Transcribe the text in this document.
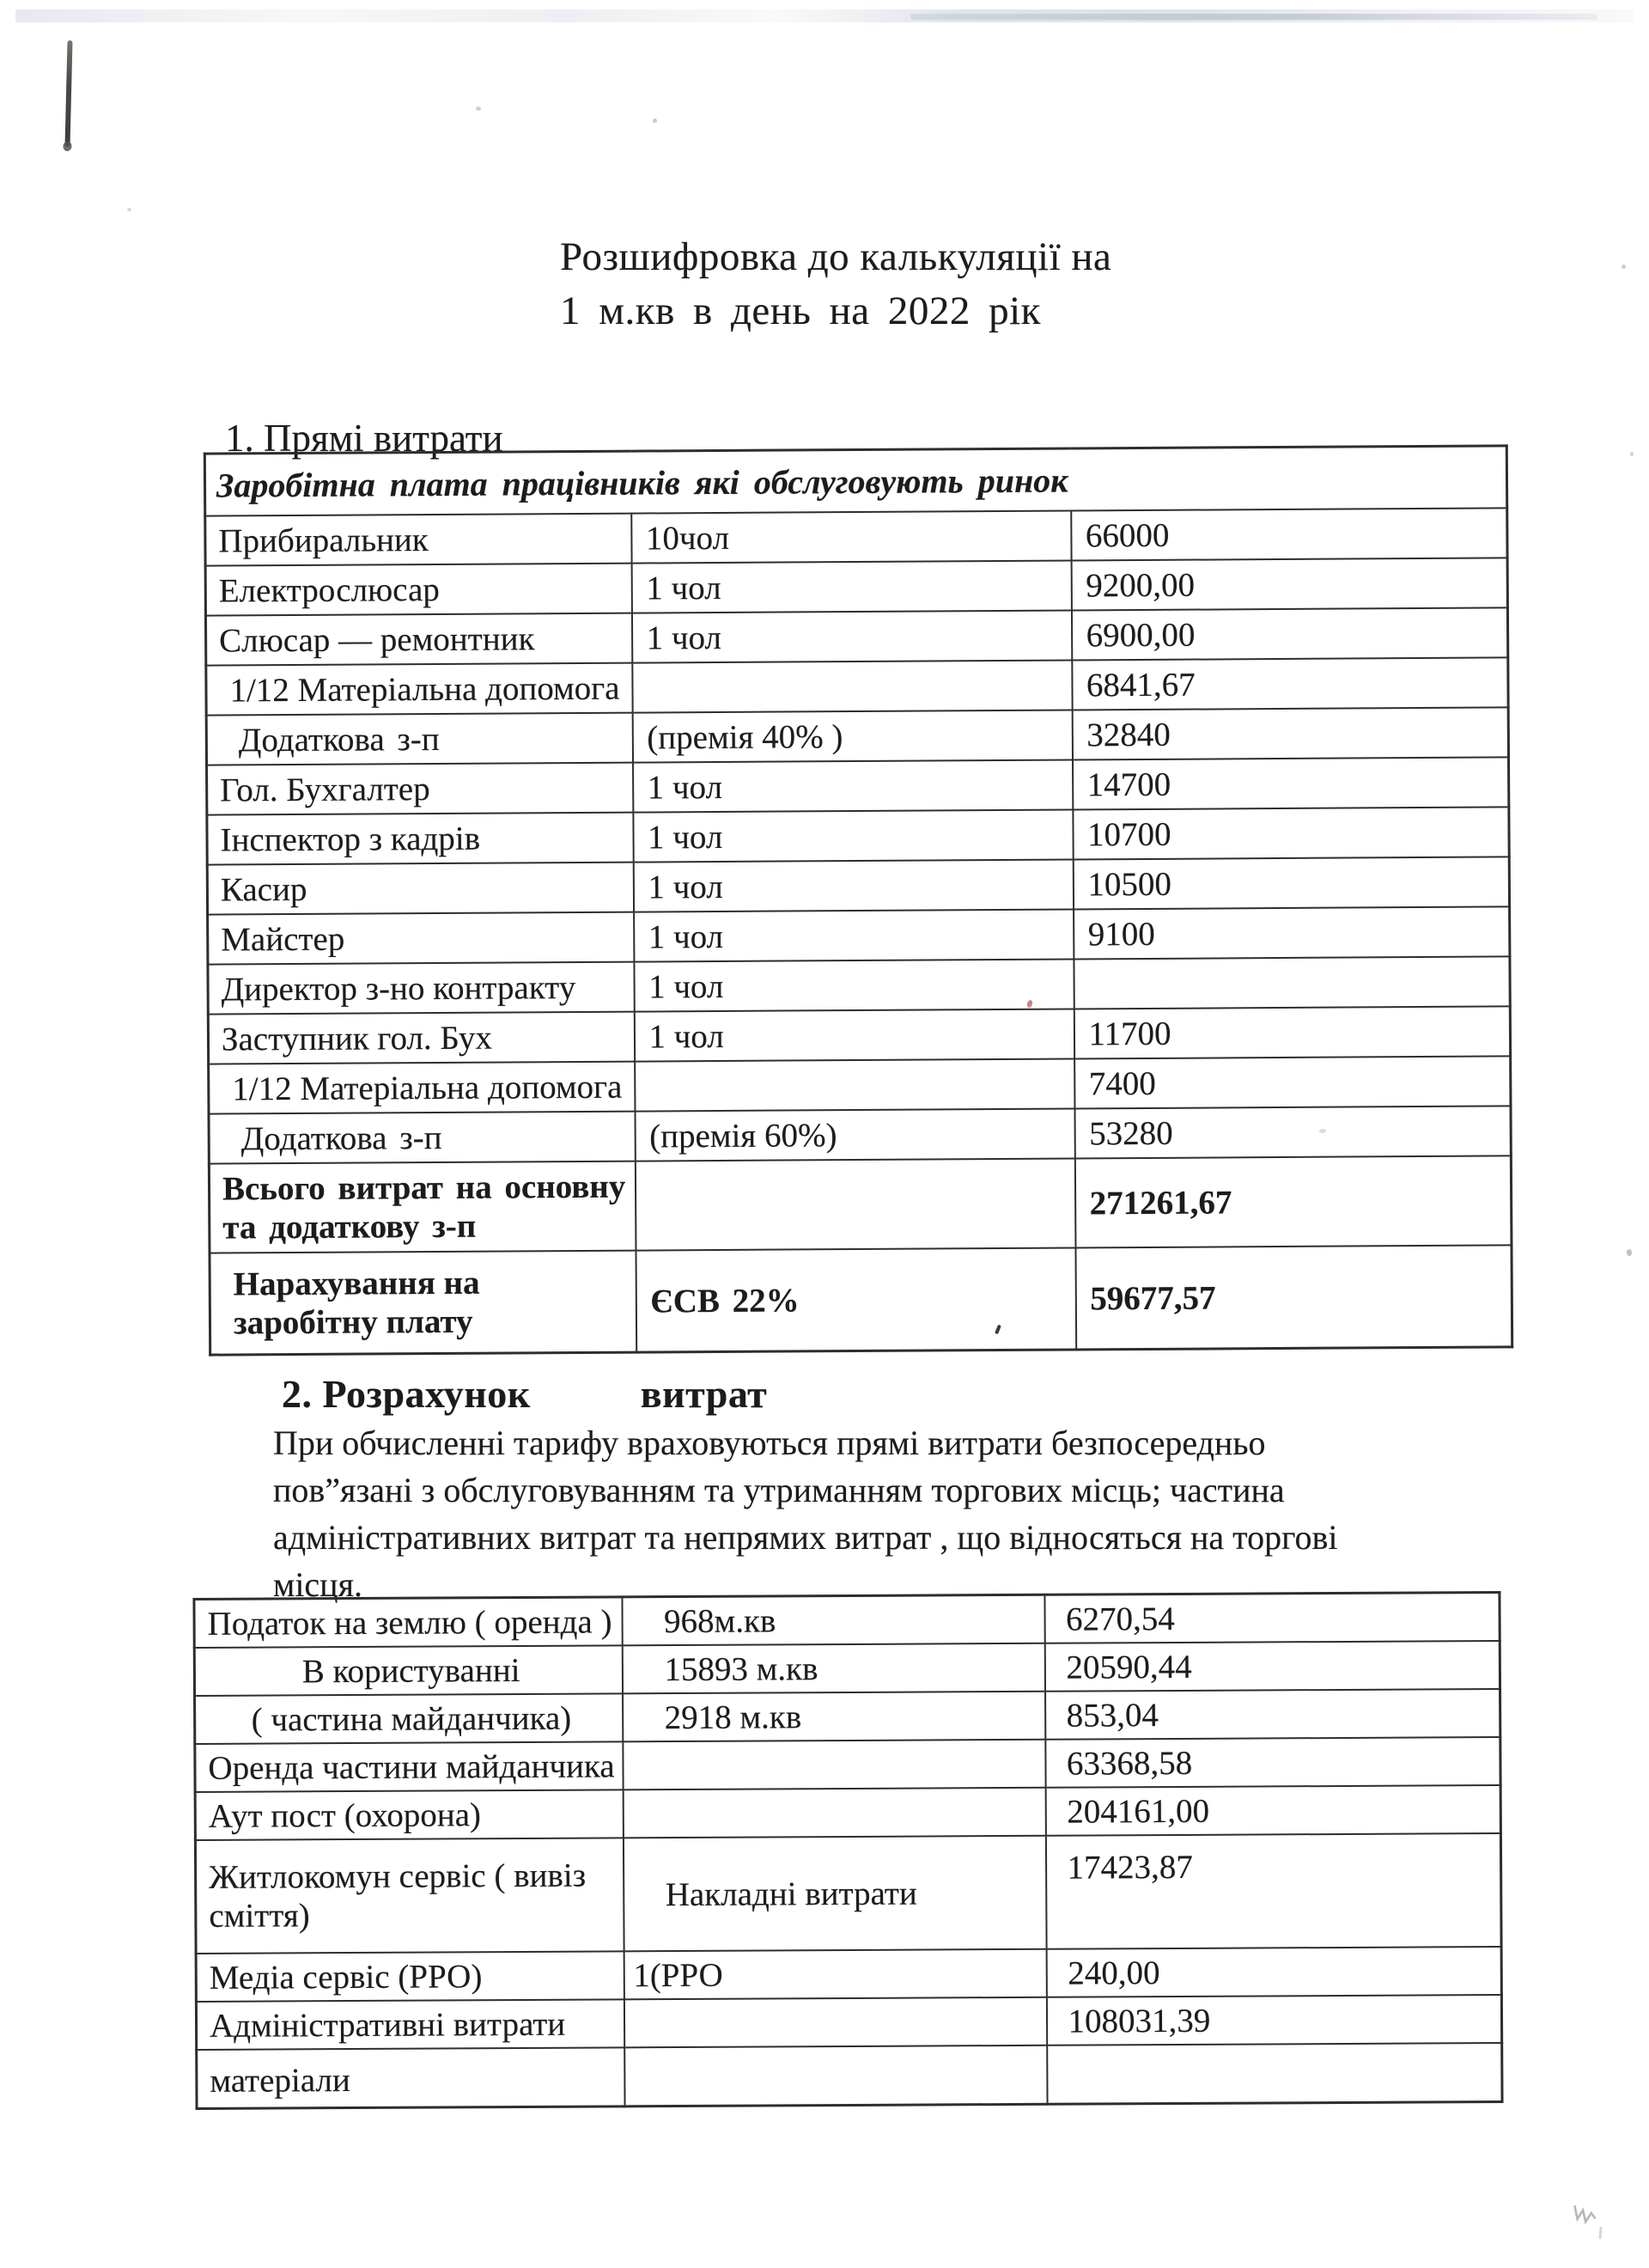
Розшифровка до калькуляції на
1 м.кв в день на 2022 рік
1. Прямі витрати
Заробітна плата працівників які обслуговують ринок		
Прибиральник	10чол	66000
Електрослюсар	1 чол	9200,00
Слюсар — ремонтник	1 чол	6900,00
1/12 Матеріальна допомога		6841,67
Додаткова з-п	(премія 40% )	32840
Гол. Бухгалтер	1 чол	14700
Інспектор з кадрів	1 чол	10700
Касир	1 чол	10500
Майстер	1 чол	9100
Директор з-но контракту	1 чол	
Заступник гол. Бух	1 чол	11700
1/12 Матеріальна допомога		7400
Додаткова з-п	(премія 60%)	53280
Всього витрат на основну та додаткову з-п		271261,67
Нарахування на заробітну плату	ЄСВ 22%	59677,57
2. Розрахунок	витрат
При обчисленні тарифу враховуються прямі витрати безпосередньо
пов”язані з обслуговуванням та утриманням торгових місць; частина
адміністративних витрат та непрямих витрат , що відносяться на торгові
місця.
Податок на землю ( оренда )	968м.кв	6270,54
В користуванні	15893 м.кв	20590,44
( частина майданчика)	2918 м.кв	853,04
Оренда частини майданчика		63368,58
Аут пост (охорона)		204161,00
Житлокомун сервіс ( вивіз сміття)	Накладні витрати	17423,87
Медіа сервіс (РРО)	1(РРО	240,00
Адміністративні витрати		108031,39
матеріали		
